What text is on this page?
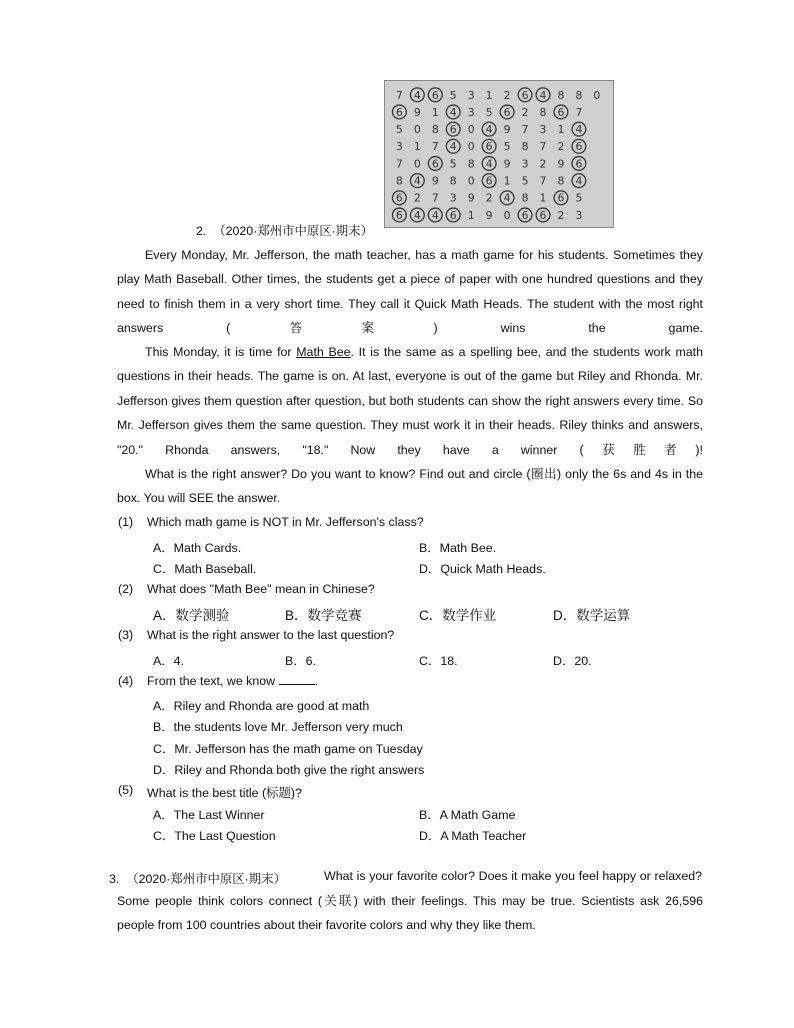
7 4 6 5 3 1 2 6 4 8 8 0
6 9 1 4 3 5 6 2 8 6 7
5 0 8 6 0 4 9 7 3 1 4
3 1 7 4 0 6 5 8 7 2 6
7 0 6 5 8 4 9 3 2 9 6
8 4 9 8 0 6 1 5 7 8 4
6 2 7 3 9 2 4 8 1 6 5
6 4 4 6 1 9 0 6 6 2 3
2. （2020·郑州市中原区·期末）
Every Monday, Mr. Jefferson, the math teacher, has a math game for his students. Sometimes they play Math Baseball. Other times, the students get a piece of paper with one hundred questions and they need to finish them in a very short time. They call it Quick Math Heads. The student with the most right answers (答案) wins the game.
This Monday, it is time for Math Bee. It is the same as a spelling bee, and the students work math questions in their heads. The game is on. At last, everyone is out of the game but Riley and Rhonda. Mr. Jefferson gives them question after question, but both students can show the right answers every time. So Mr. Jefferson gives them the same question. They must work it in their heads. Riley thinks and answers, "20." Rhonda answers, "18." Now they have a winner (获胜者)!
What is the right answer? Do you want to know? Find out and circle (圈出) only the 6s and 4s in the box. You will SEE the answer.
(1) Which math game is NOT in Mr. Jefferson's class?
A．Math Cards.	B．Math Bee.
C．Math Baseball.	D．Quick Math Heads.
(2) What does "Math Bee" mean in Chinese?
A．数学测验	B．数学竞赛	C．数学作业	D．数学运算
(3) What is the right answer to the last question?
A．4.	B．6.	C．18.	D．20.
(4) From the text, we know	.
A．Riley and Rhonda are good at math
B．the students love Mr. Jefferson very much
C．Mr. Jefferson has the math game on Tuesday
D．Riley and Rhonda both give the right answers
(5) What is the best title (标题)?
A．The Last Winner	B．A Math Game
C．The Last Question	D．A Math Teacher
3. （2020·郑州市中原区·期末）	What is your favorite color? Does it make you feel happy or relaxed?
Some people think colors connect (关联) with their feelings. This may be true. Scientists ask 26,596
people from 100 countries about their favorite colors and why they like them.
